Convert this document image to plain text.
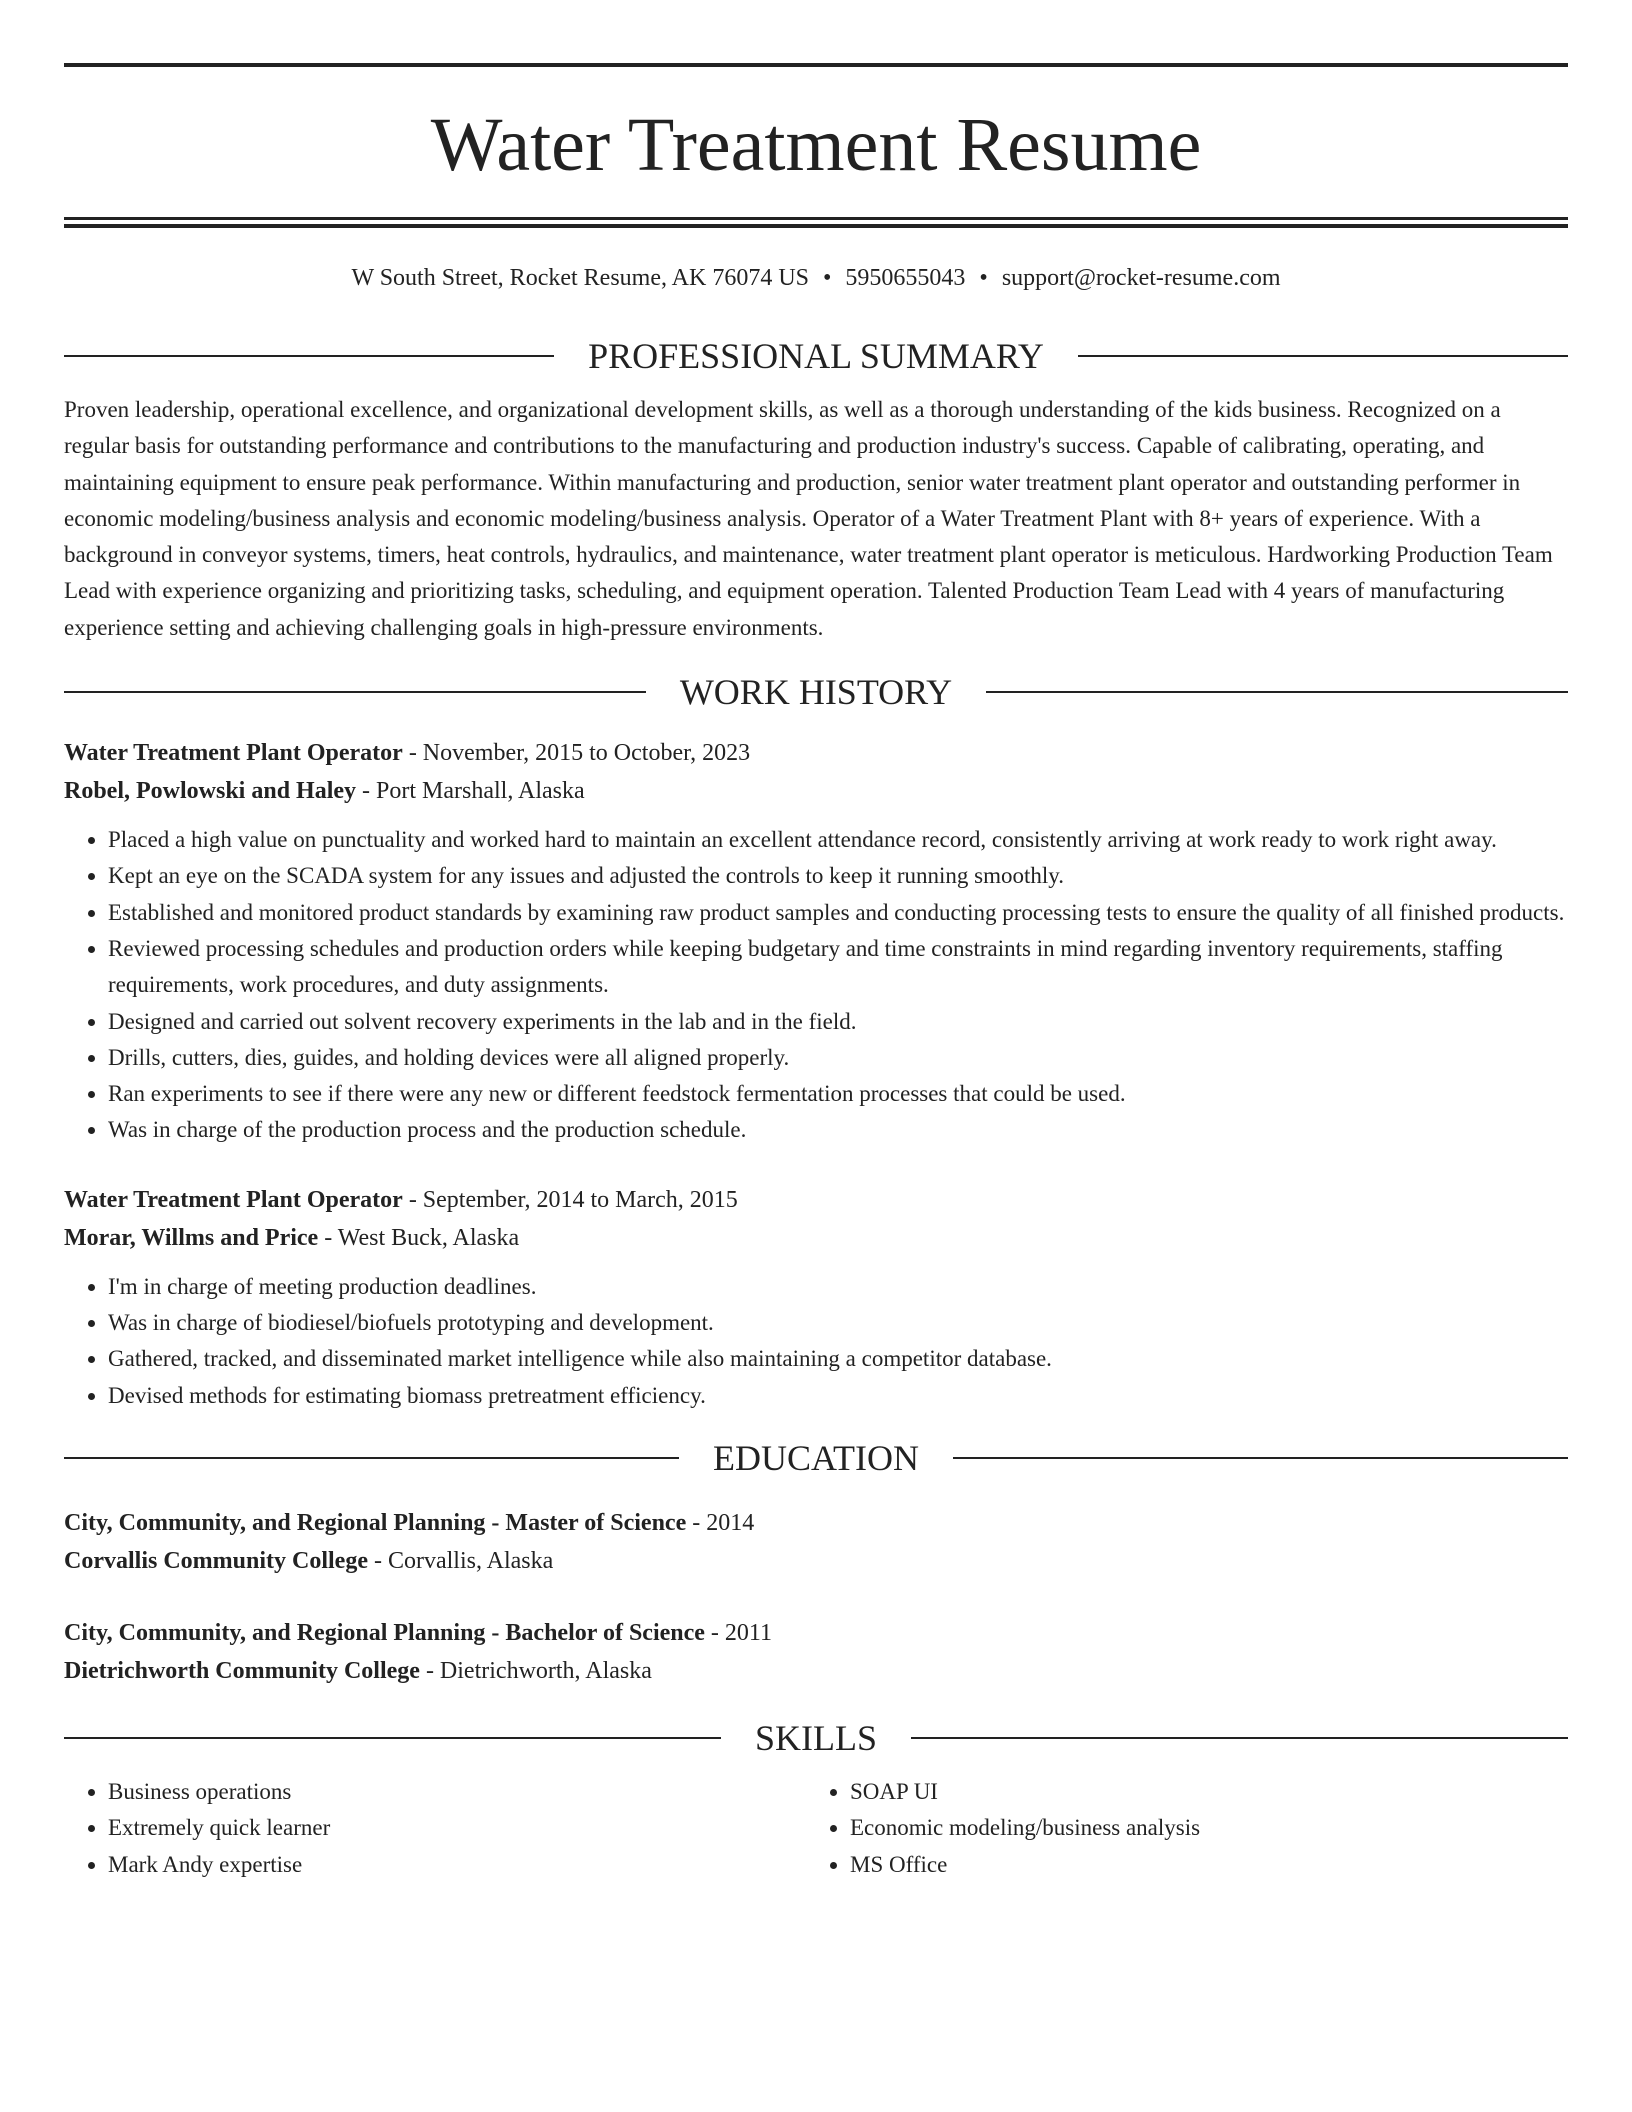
Water Treatment Resume
W South Street, Rocket Resume, AK 76074 US • 5950655043 • support@rocket-resume.com
PROFESSIONAL SUMMARY
Proven leadership, operational excellence, and organizational development skills, as well as a thorough understanding of the kids business. Recognized on a regular basis for outstanding performance and contributions to the manufacturing and production industry's success. Capable of calibrating, operating, and maintaining equipment to ensure peak performance. Within manufacturing and production, senior water treatment plant operator and outstanding performer in economic modeling/business analysis and economic modeling/business analysis. Operator of a Water Treatment Plant with 8+ years of experience. With a background in conveyor systems, timers, heat controls, hydraulics, and maintenance, water treatment plant operator is meticulous. Hardworking Production Team Lead with experience organizing and prioritizing tasks, scheduling, and equipment operation. Talented Production Team Lead with 4 years of manufacturing experience setting and achieving challenging goals in high-pressure environments.
WORK HISTORY
Water Treatment Plant Operator - November, 2015 to October, 2023
Robel, Powlowski and Haley - Port Marshall, Alaska
• Placed a high value on punctuality and worked hard to maintain an excellent attendance record, consistently arriving at work ready to work right away.
• Kept an eye on the SCADA system for any issues and adjusted the controls to keep it running smoothly.
• Established and monitored product standards by examining raw product samples and conducting processing tests to ensure the quality of all finished products.
• Reviewed processing schedules and production orders while keeping budgetary and time constraints in mind regarding inventory requirements, staffing requirements, work procedures, and duty assignments.
• Designed and carried out solvent recovery experiments in the lab and in the field.
• Drills, cutters, dies, guides, and holding devices were all aligned properly.
• Ran experiments to see if there were any new or different feedstock fermentation processes that could be used.
• Was in charge of the production process and the production schedule.
Water Treatment Plant Operator - September, 2014 to March, 2015
Morar, Willms and Price - West Buck, Alaska
• I'm in charge of meeting production deadlines.
• Was in charge of biodiesel/biofuels prototyping and development.
• Gathered, tracked, and disseminated market intelligence while also maintaining a competitor database.
• Devised methods for estimating biomass pretreatment efficiency.
EDUCATION
City, Community, and Regional Planning - Master of Science - 2014
Corvallis Community College - Corvallis, Alaska
City, Community, and Regional Planning - Bachelor of Science - 2011
Dietrichworth Community College - Dietrichworth, Alaska
SKILLS
• Business operations
• Extremely quick learner
• Mark Andy expertise
• SOAP UI
• Economic modeling/business analysis
• MS Office
